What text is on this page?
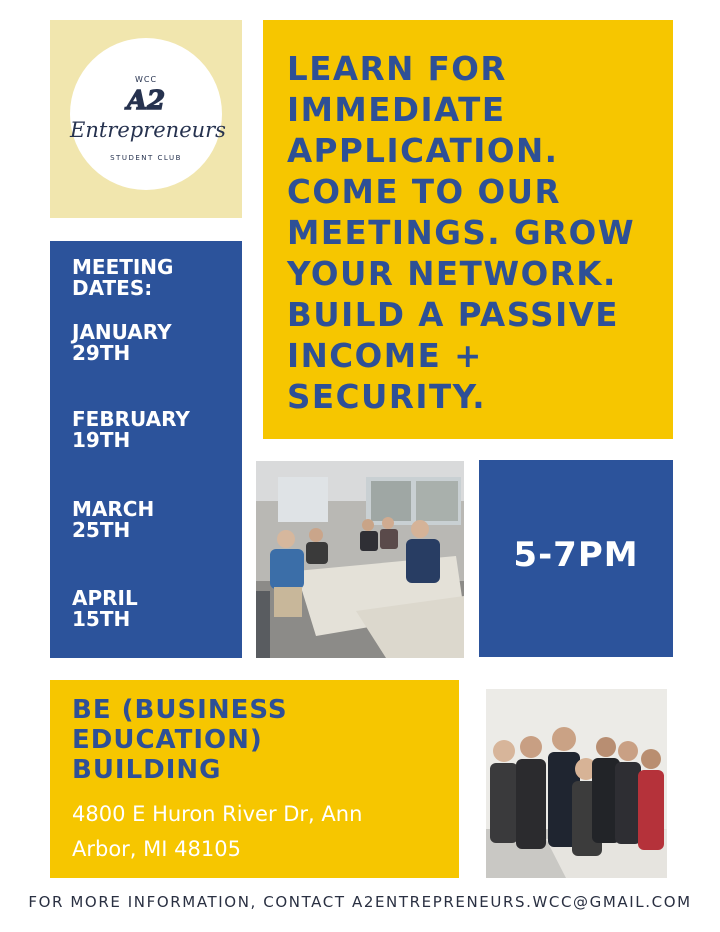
WCC
A2
Entrepreneurs
STUDENT CLUB

LEARN FOR IMMEDIATE APPLICATION. COME TO OUR MEETINGS. GROW YOUR NETWORK. BUILD A PASSIVE INCOME + SECURITY.

MEETING
DATES:

JANUARY
29TH

FEBRUARY
19TH

MARCH
25TH

APRIL
15TH

5-7PM

BE (BUSINESS
EDUCATION)
BUILDING

4800 E Huron River Dr, Ann
Arbor, MI 48105

FOR MORE INFORMATION, CONTACT A2ENTREPRENEURS.WCC@GMAIL.COM
